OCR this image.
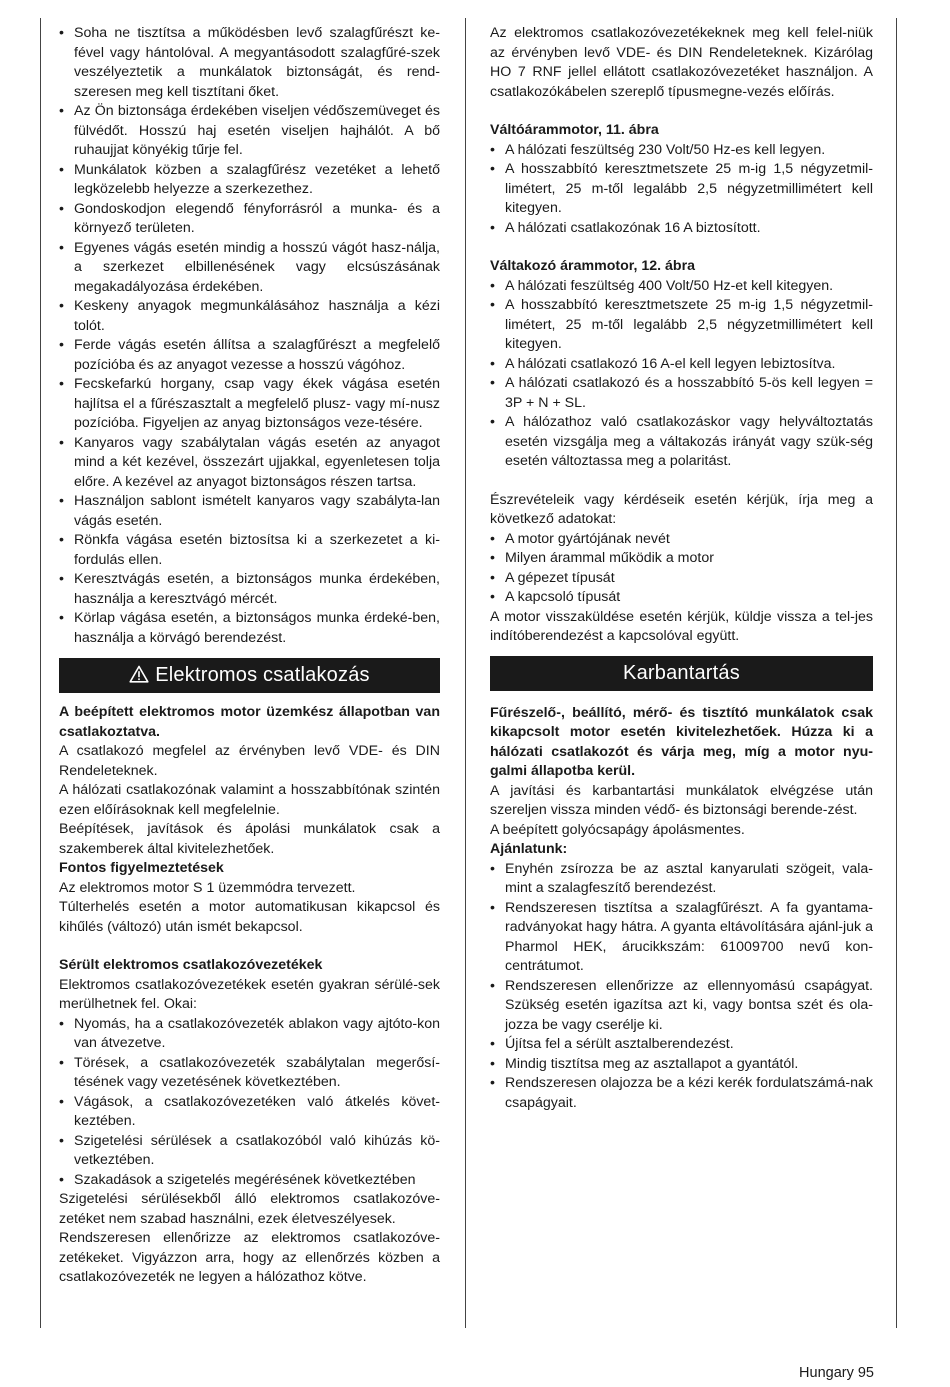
• Soha ne tisztítsa a működésben levő szalagfűrészt ke-fével vagy hántolóval. A megyantásodott szalagfűré-szek veszélyeztetik a munkálatok biztonságát, és rend-szeresen meg kell tisztítani őket.
• Az Ön biztonsága érdekében viseljen védőszemüveget és fülvédőt. Hosszú haj esetén viseljen hajhálót. A bő ruhaujjat könyékig tűrje fel.
• Munkálatok közben a szalagfűrész vezetéket a lehető legközelebb helyezze a szerkezethez.
• Gondoskodjon elegendő fényforrásról a munka- és a környező területen.
• Egyenes vágás esetén mindig a hosszú vágót hasz-nálja, a szerkezet elbillenésének vagy elcsúszásának megakadályozása érdekében.
• Keskeny anyagok megmunkálásához használja a kézi tolót.
• Ferde vágás esetén állítsa a szalagfűrészt a megfelelő pozícióba és az anyagot vezesse a hosszú vágóhoz.
• Fecskefarkú horgany, csap vagy ékek vágása esetén hajlítsa el a fűrészasztalt a megfelelő plusz- vagy mí-nusz pozícióba. Figyeljen az anyag biztonságos veze-tésére.
• Kanyaros vagy szabálytalan vágás esetén az anyagot mind a két kezével, összezárt ujjakkal, egyenletesen tolja előre. A kezével az anyagot biztonságos részen tartsa.
• Használjon sablont ismételt kanyaros vagy szabályta-lan vágás esetén.
• Rönkfa vágása esetén biztosítsa ki a szerkezetet a ki-fordulás ellen.
• Keresztvágás esetén, a biztonságos munka érdekében, használja a keresztvágó mércét.
• Körlap vágása esetén, a biztonságos munka érdeké-ben, használja a körvágó berendezést.
Elektromos csatlakozás

A beépített elektromos motor üzemkész állapotban van csatlakoztatva.

A csatlakozó megfelel az érvényben levő VDE- és DIN Rendeleteknek.

A hálózati csatlakozónak valamint a hosszabbítónak szintén ezen előírásoknak kell megfelelnie.

Beépítések, javítások és ápolási munkálatok csak a szakemberek által kivitelezhetőek.

Fontos figyelmeztetések

Az elektromos motor S 1 üzemmódra tervezett.

Túlterhelés esetén a motor automatikusan kikapcsol és kihűlés (változó) után ismét bekapcsol.

Sérült elektromos csatlakozóvezetékek

Elektromos csatlakozóvezetékek esetén gyakran sérülé-sek merülhetnek fel. Okai:

• Nyomás, ha a csatlakozóvezeték ablakon vagy ajtóto-kon van átvezetve.
• Törések, a csatlakozóvezeték szabálytalan megerősí-tésének vagy vezetésének következtében.
• Vágások, a csatlakozóvezetéken való átkelés követ-keztében.
• Szigetelési sérülések a csatlakozóból való kihúzás kö-vetkeztében.
• Szakadások a szigetelés megérésének következtében

Szigetelési sérülésekből álló elektromos csatlakozóve-zetéket nem szabad használni, ezek életveszélyesek.

Rendszeresen ellenőrizze az elektromos csatlakozóve-zetékeket. Vigyázzon arra, hogy az ellenőrzés közben a csatlakozóvezeték ne legyen a hálózathoz kötve.

Az elektromos csatlakozóvezetékeknek meg kell felel-niük az érvényben levő VDE- és DIN Rendeleteknek. Kizárólag HO 7 RNF jellel ellátott csatlakozóvezetéket használjon. A csatlakozókábelen szereplő típusmegne-vezés előírás.

Váltóárammotor, 11. ábra

• A hálózati feszültség 230 Volt/50 Hz-es kell legyen.
• A hosszabbító keresztmetszete 25 m-ig 1,5 négyzetmil-limétert, 25 m-től legalább 2,5 négyzetmillimétert kell kitegyen.
• A hálózati csatlakozónak 16 A biztosított.

Váltakozó árammotor, 12. ábra

• A hálózati feszültség 400 Volt/50 Hz-et kell kitegyen.
• A hosszabbító keresztmetszete 25 m-ig 1,5 négyzetmil-limétert, 25 m-től legalább 2,5 négyzetmillimétert kell kitegyen.
• A hálózati csatlakozó 16 A-el kell legyen lebiztosítva.
• A hálózati csatlakozó és a hosszabbító 5-ös kell legyen = 3P + N + SL.
• A hálózathoz való csatlakozáskor vagy helyváltoztatás esetén vizsgálja meg a váltakozás irányát vagy szük-ség esetén változtassa meg a polaritást.

Észrevételeik vagy kérdéseik esetén kérjük, írja meg a következő adatokat:

• A motor gyártójának nevét
• Milyen árammal működik a motor
• A gépezet típusát
• A kapcsoló típusát

A motor visszaküldése esetén kérjük, küldje vissza a tel-jes indítóberendezést a kapcsolóval együtt.

Karbantartás

Fűrészelő-, beállító, mérő- és tisztító munkálatok csak kikapcsolt motor esetén kivitelezhetőek. Húzza ki a hálózati csatlakozót és várja meg, míg a motor nyu-galmi állapotba kerül.

A javítási és karbantartási munkálatok elvégzése után szereljen vissza minden védő- és biztonsági berende-zést.

A beépített golyócsapágy ápolásmentes.

Ajánlatunk:

• Enyhén zsírozza be az asztal kanyarulati szögeit, vala-mint a szalagfeszítő berendezést.
• Rendszeresen tisztítsa a szalagfűrészt. A fa gyantama-radványokat hagy hátra. A gyanta eltávolítására ajánl-juk a Pharmol HEK, árucikkszám: 61009700 nevű kon-centrátumot.
• Rendszeresen ellenőrizze az ellennyomású csapágyat. Szükség esetén igazítsa azt ki, vagy bontsa szét és ola-jozza be vagy cserélje ki.
• Újítsa fel a sérült asztalberendezést.
• Mindig tisztítsa meg az asztallapot a gyantától.
• Rendszeresen olajozza be a kézi kerék fordulatszámá-nak csapágyait.
Hungary 95
